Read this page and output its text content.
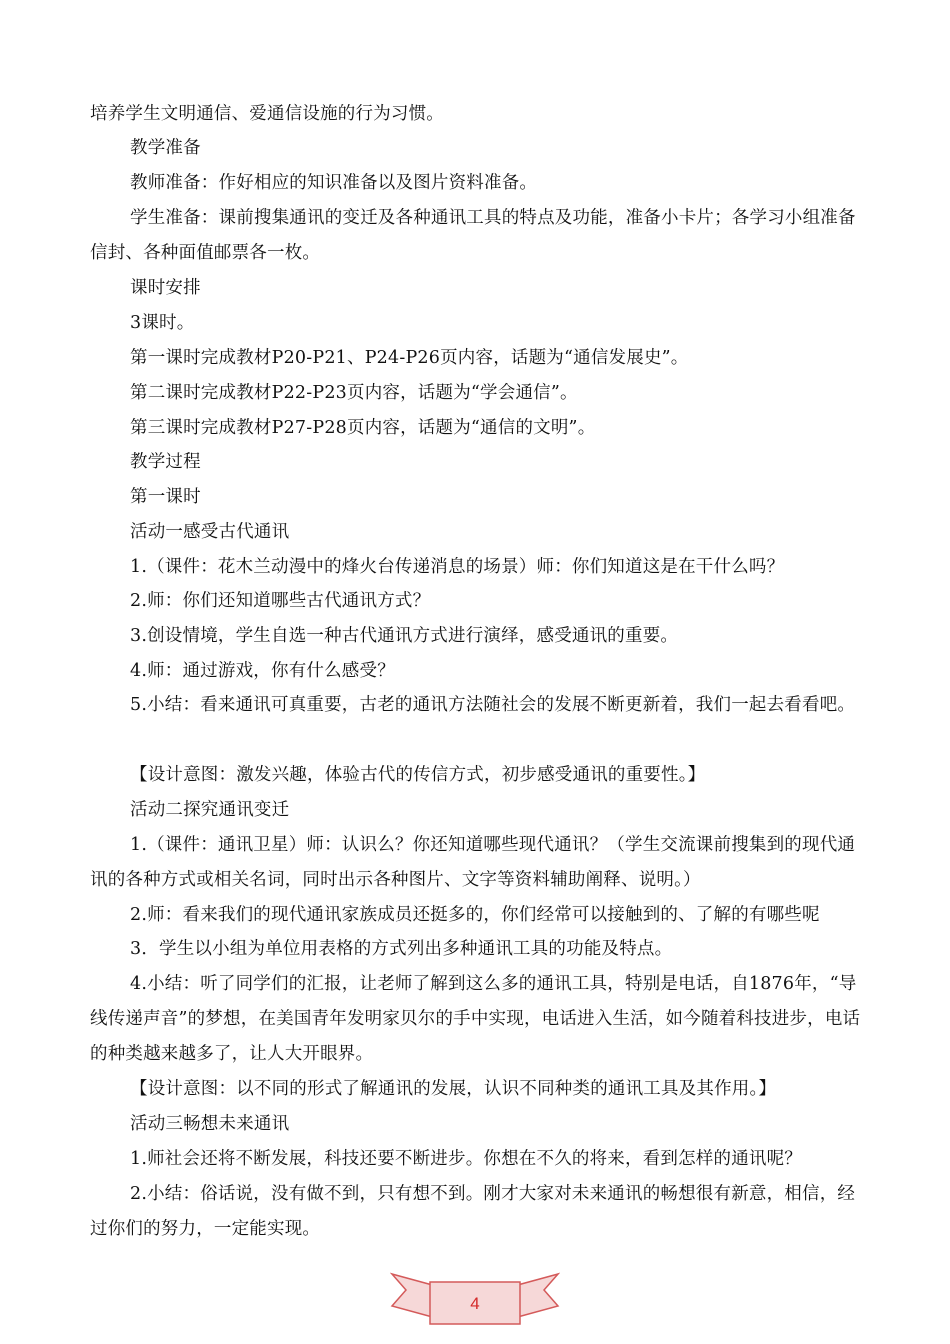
培养学生文明通信、爱通信设施的行为习惯。
教学准备
教师准备：作好相应的知识准备以及图片资料准备。
学生准备：课前搜集通讯的变迁及各种通讯工具的特点及功能，准备小卡片；各学习小组准备信封、各种面值邮票各一枚。
课时安排
3课时。
第一课时完成教材P20-P21、P24-P26页内容，话题为“通信发展史”。
第二课时完成教材P22-P23页内容，话题为“学会通信”。
第三课时完成教材P27-P28页内容，话题为“通信的文明”。
教学过程
第一课时
活动一感受古代通讯
1.（课件：花木兰动漫中的烽火台传递消息的场景）师：你们知道这是在干什么吗？
2.师：你们还知道哪些古代通讯方式？
3.创设情境，学生自选一种古代通讯方式进行演绎，感受通讯的重要。
4.师：通过游戏，你有什么感受？
5.小结：看来通讯可真重要，古老的通讯方法随社会的发展不断更新着，我们一起去看看吧。
【设计意图：激发兴趣，体验古代的传信方式，初步感受通讯的重要性。】
活动二探究通讯变迁
1.（课件：通讯卫星）师：认识么？你还知道哪些现代通讯？（学生交流课前搜集到的现代通讯的各种方式或相关名词，同时出示各种图片、文字等资料辅助阐释、说明。）
2.师：看来我们的现代通讯家族成员还挺多的，你们经常可以接触到的、了解的有哪些呢
3．学生以小组为单位用表格的方式列出多种通讯工具的功能及特点。
4.小结：听了同学们的汇报，让老师了解到这么多的通讯工具，特别是电话，自1876年，“导线传递声音”的梦想，在美国青年发明家贝尔的手中实现，电话进入生活，如今随着科技进步，电话的种类越来越多了，让人大开眼界。
【设计意图：以不同的形式了解通讯的发展，认识不同种类的通讯工具及其作用。】
活动三畅想未来通讯
1.师社会还将不断发展，科技还要不断进步。你想在不久的将来，看到怎样的通讯呢？
2.小结：俗话说，没有做不到，只有想不到。刚才大家对未来通讯的畅想很有新意，相信，经过你们的努力，一定能实现。
4
